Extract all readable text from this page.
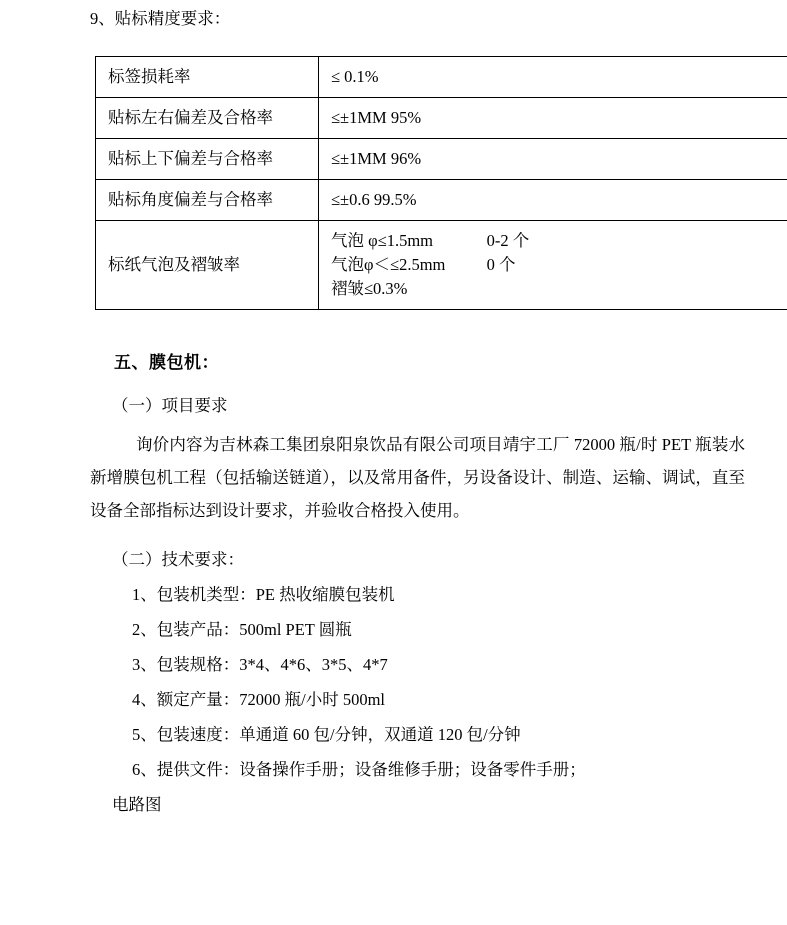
9、贴标精度要求：

标签损耗率	≤ 0.1%
贴标左右偏差及合格率	≤±1MM 95%
贴标上下偏差与合格率	≤±1MM 96%
贴标角度偏差与合格率	≤±0.6 99.5%
标纸气泡及褶皱率	气泡 φ≤1.5mm             0-2 个
气泡φ＜≤2.5mm          0 个
褶皱≤0.3%

五、膜包机：

（一）项目要求

询价内容为吉林森工集团泉阳泉饮品有限公司项目靖宇工厂 72000 瓶/时 PET 瓶装水新增膜包机工程（包括输送链道），以及常用备件，另设备设计、制造、运输、调试，直至设备全部指标达到设计要求，并验收合格投入使用。

（二）技术要求：

1、包装机类型：PE 热收缩膜包装机

2、包装产品：500ml PET 圆瓶

3、包装规格：3*4、4*6、3*5、4*7

4、额定产量：72000 瓶/小时 500ml

5、包装速度：单通道 60 包/分钟，双通道 120 包/分钟

6、提供文件：设备操作手册；设备维修手册；设备零件手册；

电路图
